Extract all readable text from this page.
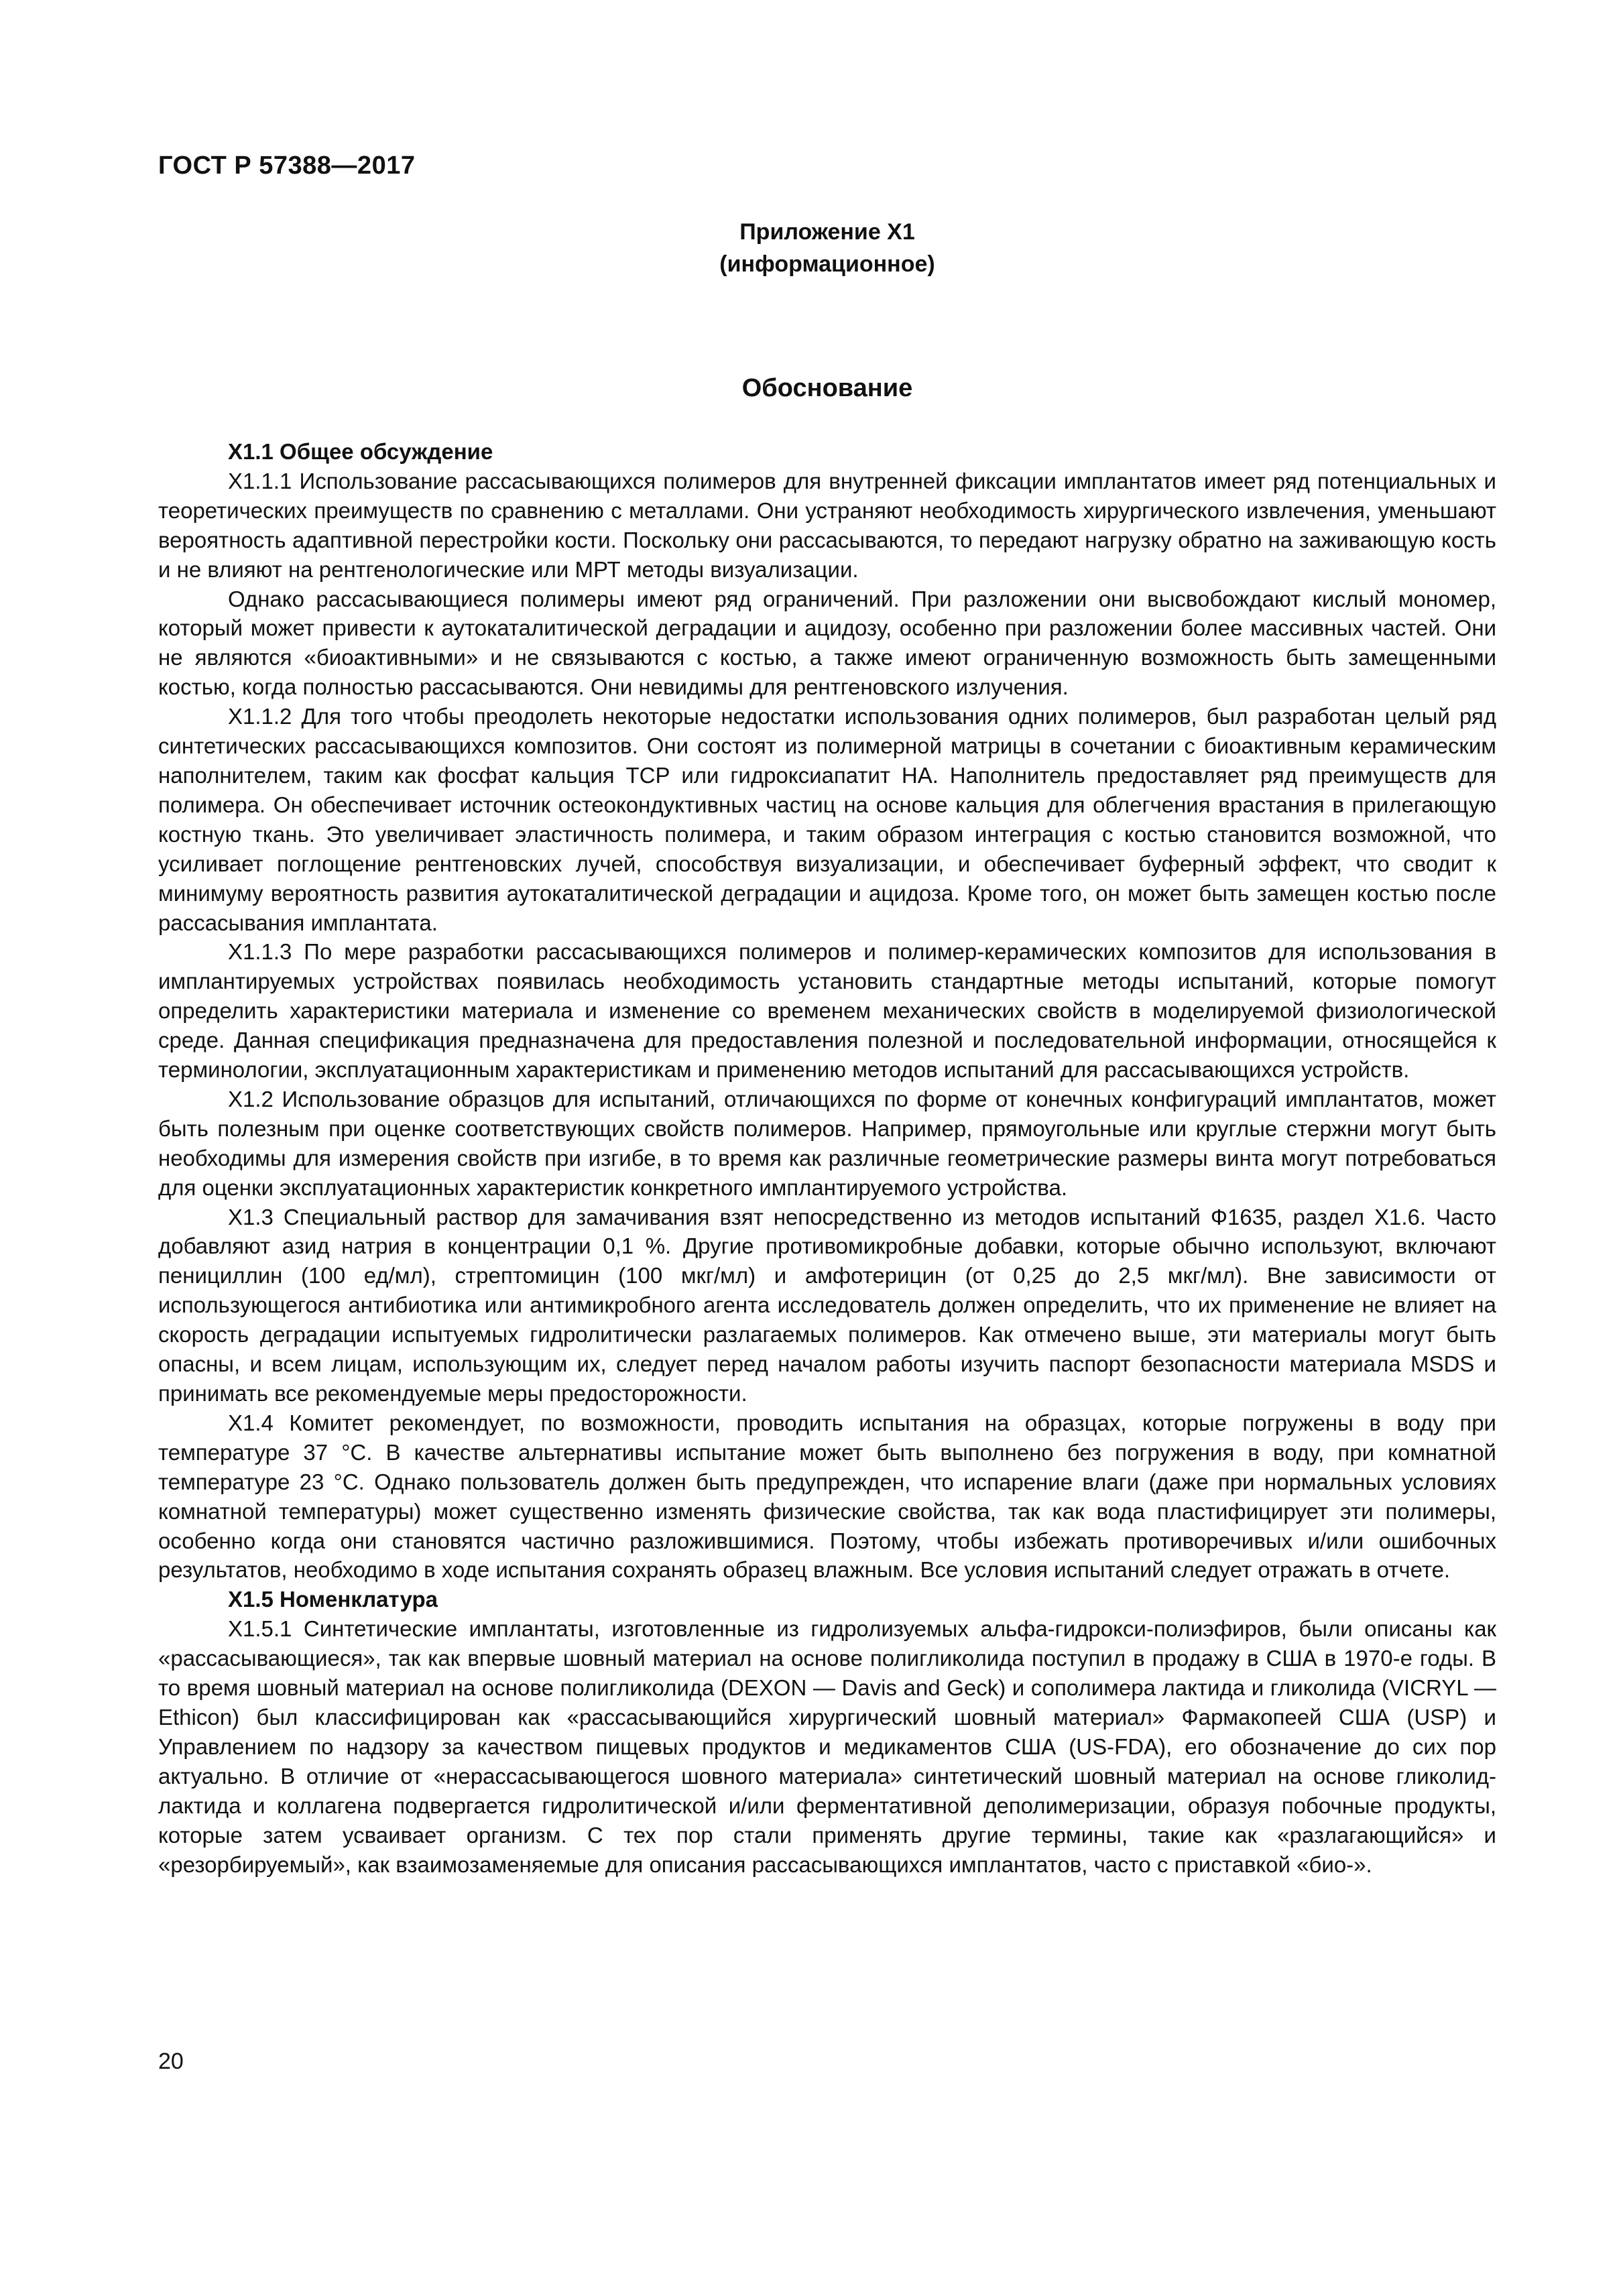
ГОСТ Р 57388—2017
Приложение X1
(информационное)
Обоснование

X1.1 Общее обсуждение

X1.1.1 Использование рассасывающихся полимеров для внутренней фиксации имплантатов имеет ряд потенциальных и теоретических преимуществ по сравнению с металлами. Они устраняют необходимость хирургического извлечения, уменьшают вероятность адаптивной перестройки кости. Поскольку они рассасываются, то передают нагрузку обратно на заживающую кость и не влияют на рентгенологические или МРТ методы визуализации.

Однако рассасывающиеся полимеры имеют ряд ограничений. При разложении они высвобождают кислый мономер, который может привести к аутокаталитической деградации и ацидозу, особенно при разложении более массивных частей. Они не являются «биоактивными» и не связываются с костью, а также имеют ограниченную возможность быть замещенными костью, когда полностью рассасываются. Они невидимы для рентгеновского излучения.

X1.1.2 Для того чтобы преодолеть некоторые недостатки использования одних полимеров, был разработан целый ряд синтетических рассасывающихся композитов. Они состоят из полимерной матрицы в сочетании с биоактивным керамическим наполнителем, таким как фосфат кальция ТСР или гидроксиапатит НА. Наполнитель предоставляет ряд преимуществ для полимера. Он обеспечивает источник остеокондуктивных частиц на основе кальция для облегчения врастания в прилегающую костную ткань. Это увеличивает эластичность полимера, и таким образом интеграция с костью становится возможной, что усиливает поглощение рентгеновских лучей, способствуя визуализации, и обеспечивает буферный эффект, что сводит к минимуму вероятность развития аутокаталитической деградации и ацидоза. Кроме того, он может быть замещен костью после рассасывания имплантата.

X1.1.3 По мере разработки рассасывающихся полимеров и полимер-керамических композитов для использования в имплантируемых устройствах появилась необходимость установить стандартные методы испытаний, которые помогут определить характеристики материала и изменение со временем механических свойств в моделируемой физиологической среде. Данная спецификация предназначена для предоставления полезной и последовательной информации, относящейся к терминологии, эксплуатационным характеристикам и применению методов испытаний для рассасывающихся устройств.

X1.2 Использование образцов для испытаний, отличающихся по форме от конечных конфигураций имплантатов, может быть полезным при оценке соответствующих свойств полимеров. Например, прямоугольные или круглые стержни могут быть необходимы для измерения свойств при изгибе, в то время как различные геометрические размеры винта могут потребоваться для оценки эксплуатационных характеристик конкретного имплантируемого устройства.

X1.3 Специальный раствор для замачивания взят непосредственно из методов испытаний Ф1635, раздел X1.6. Часто добавляют азид натрия в концентрации 0,1 %. Другие противомикробные добавки, которые обычно используют, включают пенициллин (100 ед/мл), стрептомицин (100 мкг/мл) и амфотерицин (от 0,25 до 2,5 мкг/мл). Вне зависимости от использующегося антибиотика или антимикробного агента исследователь должен определить, что их применение не влияет на скорость деградации испытуемых гидролитически разлагаемых полимеров. Как отмечено выше, эти материалы могут быть опасны, и всем лицам, использующим их, следует перед началом работы изучить паспорт безопасности материала MSDS и принимать все рекомендуемые меры предосторожности.

X1.4 Комитет рекомендует, по возможности, проводить испытания на образцах, которые погружены в воду при температуре 37 °С. В качестве альтернативы испытание может быть выполнено без погружения в воду, при комнатной температуре 23 °С. Однако пользователь должен быть предупрежден, что испарение влаги (даже при нормальных условиях комнатной температуры) может существенно изменять физические свойства, так как вода пластифицирует эти полимеры, особенно когда они становятся частично разложившимися. Поэтому, чтобы избежать противоречивых и/или ошибочных результатов, необходимо в ходе испытания сохранять образец влажным. Все условия испытаний следует отражать в отчете.

X1.5 Номенклатура

X1.5.1 Синтетические имплантаты, изготовленные из гидролизуемых альфа-гидрокси-полиэфиров, были описаны как «рассасывающиеся», так как впервые шовный материал на основе полигликолида поступил в продажу в США в 1970-е годы. В то время шовный материал на основе полигликолида (DEXON — Davis and Geck) и сополимера лактида и гликолида (VICRYL — Ethicon) был классифицирован как «рассасывающийся хирургический шовный материал» Фармакопеей США (USP) и Управлением по надзору за качеством пищевых продуктов и медикаментов США (US-FDA), его обозначение до сих пор актуально. В отличие от «нерассасывающегося шовного материала» синтетический шовный материал на основе гликолид-лактида и коллагена подвергается гидролитической и/или ферментативной деполимеризации, образуя побочные продукты, которые затем усваивает организм. С тех пор стали применять другие термины, такие как «разлагающийся» и «резорбируемый», как взаимозаменяемые для описания рассасывающихся имплантатов, часто с приставкой «био-».

20
